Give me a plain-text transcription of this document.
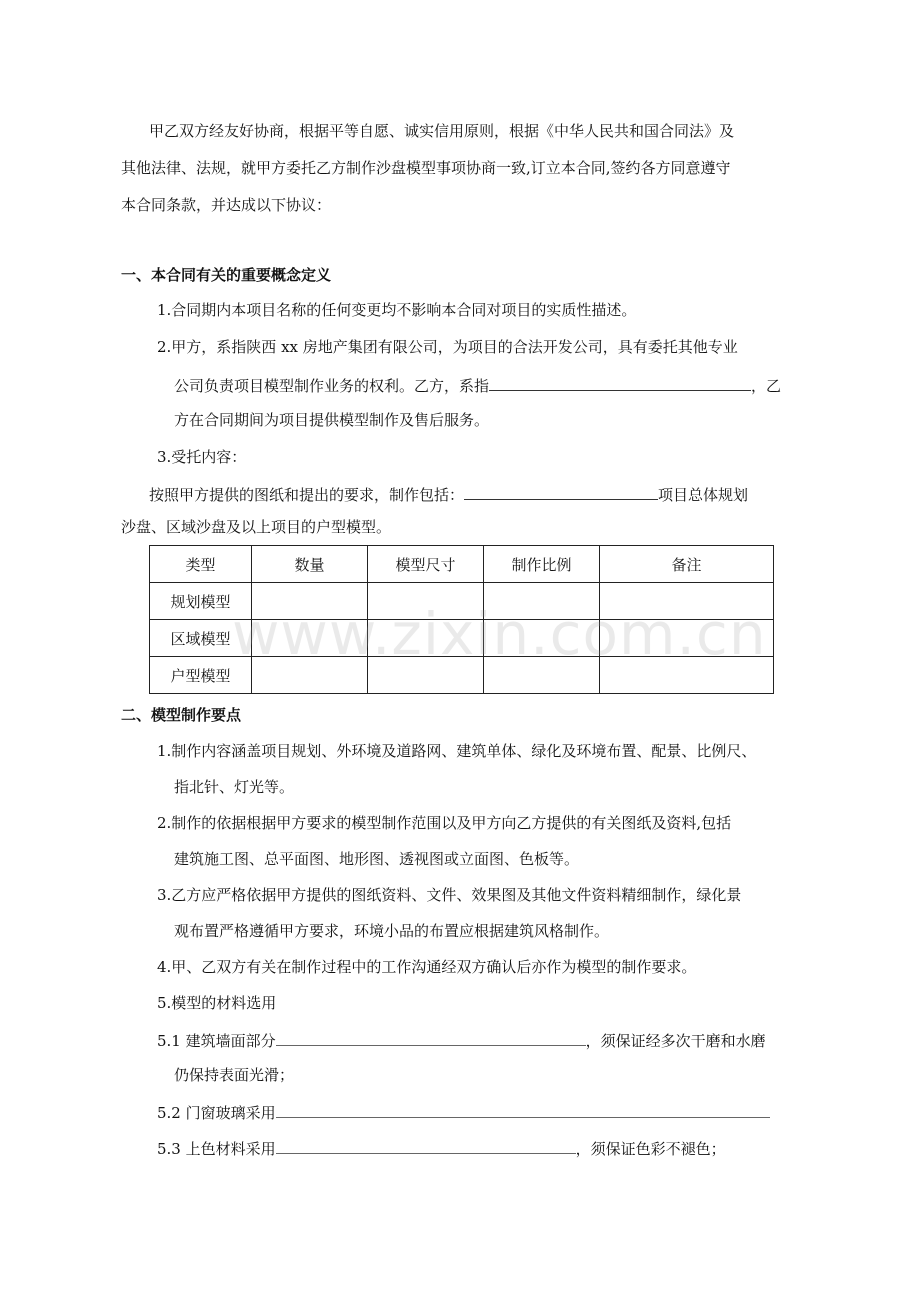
甲乙双方经友好协商，根据平等自愿、诚实信用原则，根据《中华人民共和国合同法》及
其他法律、法规，就甲方委托乙方制作沙盘模型事项协商一致,订立本合同,签约各方同意遵守
本合同条款，并达成以下协议：
一、本合同有关的重要概念定义
1.合同期内本项目名称的任何变更均不影响本合同对项目的实质性描述。
2.甲方，系指陕西 xx 房地产集团有限公司，为项目的合法开发公司，具有委托其他专业
公司负责项目模型制作业务的权利。乙方，系指	，乙
方在合同期间为项目提供模型制作及售后服务。
3.受托内容：
按照甲方提供的图纸和提出的要求，制作包括：	项目总体规划
沙盘、区域沙盘及以上项目的户型模型。
类型	数量	模型尺寸	制作比例	备注
规划模型				
区域模型				
户型模型				
www.zixin.com.cn
二、模型制作要点
1.制作内容涵盖项目规划、外环境及道路网、建筑单体、绿化及环境布置、配景、比例尺、
指北针、灯光等。
2.制作的依据根据甲方要求的模型制作范围以及甲方向乙方提供的有关图纸及资料,包括
建筑施工图、总平面图、地形图、透视图或立面图、色板等。
3.乙方应严格依据甲方提供的图纸资料、文件、效果图及其他文件资料精细制作，绿化景
观布置严格遵循甲方要求，环境小品的布置应根据建筑风格制作。
4.甲、乙双方有关在制作过程中的工作沟通经双方确认后亦作为模型的制作要求。
5.模型的材料选用
5.1 建筑墙面部分	，须保证经多次干磨和水磨
仍保持表面光滑；
5.2 门窗玻璃采用
5.3 上色材料采用	，须保证色彩不褪色；
